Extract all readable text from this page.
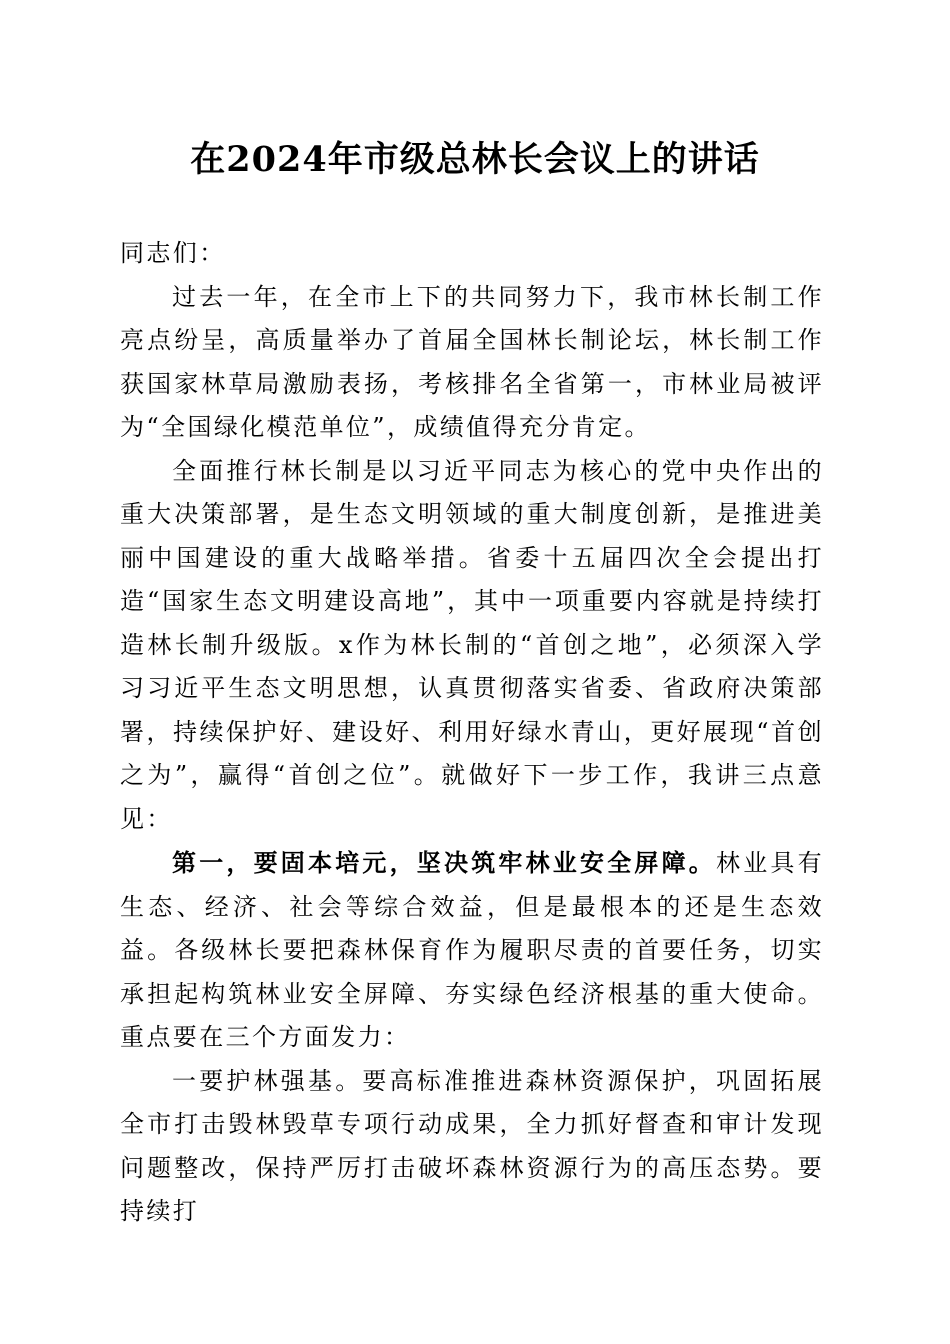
在2024年市级总林长会议上的讲话

同志们：

过去一年，在全市上下的共同努力下，我市林长制工作亮点纷呈，高质量举办了首届全国林长制论坛，林长制工作获国家林草局激励表扬，考核排名全省第一，市林业局被评为“全国绿化模范单位”，成绩值得充分肯定。

全面推行林长制是以习近平同志为核心的党中央作出的重大决策部署，是生态文明领域的重大制度创新，是推进美丽中国建设的重大战略举措。省委十五届四次全会提出打造“国家生态文明建设高地”，其中一项重要内容就是持续打造林长制升级版。x作为林长制的“首创之地”，必须深入学习习近平生态文明思想，认真贯彻落实省委、省政府决策部署，持续保护好、建设好、利用好绿水青山，更好展现“首创之为”，赢得“首创之位”。就做好下一步工作，我讲三点意见：

第一，要固本培元，坚决筑牢林业安全屏障。林业具有生态、经济、社会等综合效益，但是最根本的还是生态效益。各级林长要把森林保育作为履职尽责的首要任务，切实承担起构筑林业安全屏障、夯实绿色经济根基的重大使命。重点要在三个方面发力：

一要护林强基。要高标准推进森林资源保护，巩固拓展全市打击毁林毁草专项行动成果，全力抓好督查和审计发现问题整改，保持严厉打击破坏森林资源行为的高压态势。要持续打
